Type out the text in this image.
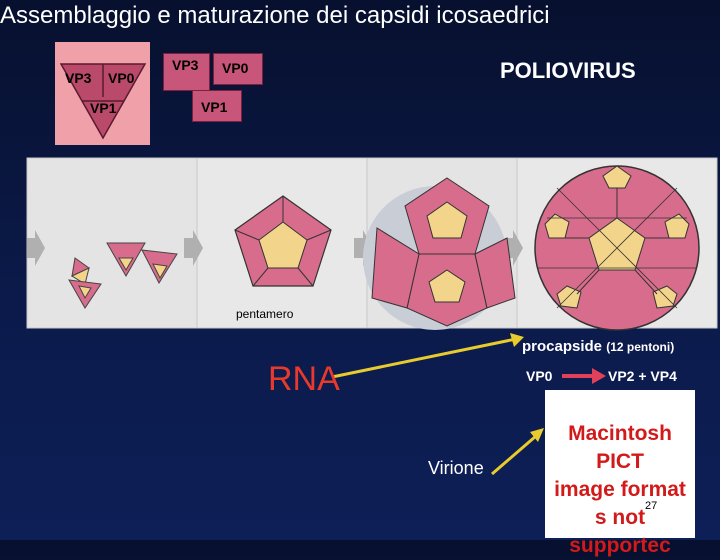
Assemblaggio e maturazione dei capsidi icosaedrici
VP3 VP0
VP1
VP3 VP0
VP1
POLIOVIRUS
pentamero
procapside (12 pentoni)
RNA	VP0	VP2 + VP4
Virione
Macintosh PICT
image format
s not supportec
27
